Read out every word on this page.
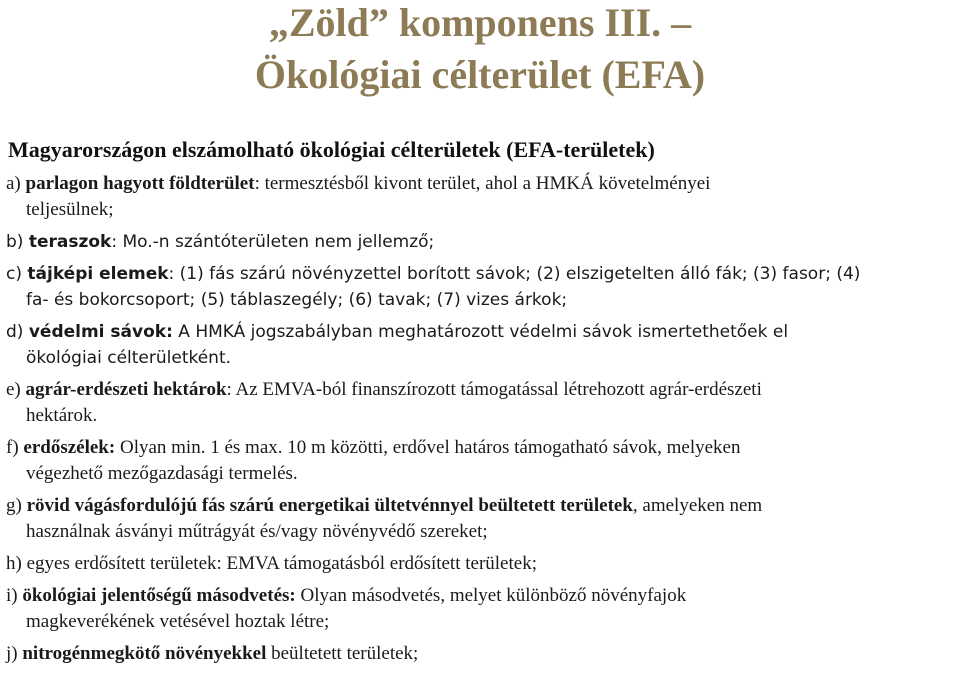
„Zöld” komponens III. –
Ökológiai célterület (EFA)
Magyarországon elszámolható ökológiai célterületek (EFA-területek)
a) parlagon hagyott földterület: termesztésből kivont terület, ahol a HMKÁ követelményei
teljesülnek;
b) teraszok: Mo.-n szántóterületen nem jellemző;
c) tájképi elemek: (1) fás szárú növényzettel borított sávok; (2) elszigetelten álló fák; (3) fasor; (4)
fa- és bokorcsoport; (5) táblaszegély; (6) tavak; (7) vizes árkok;
d) védelmi sávok: A HMKÁ jogszabályban meghatározott védelmi sávok ismertethetőek el
ökológiai célterületként.
e) agrár-erdészeti hektárok: Az EMVA-ból finanszírozott támogatással létrehozott agrár-erdészeti
hektárok.
f) erdőszélek: Olyan min. 1 és max. 10 m közötti, erdővel határos támogatható sávok, melyeken
végezhető mezőgazdasági termelés.
g) rövid vágásfordulójú fás szárú energetikai ültetvénnyel beültetett területek, amelyeken nem
használnak ásványi műtrágyát és/vagy növényvédő szereket;
h) egyes erdősített területek: EMVA támogatásból erdősített területek;
i) ökológiai jelentőségű másodvetés: Olyan másodvetés, melyet különböző növényfajok
magkeverékének vetésével hoztak létre;
j) nitrogénmegkötő növényekkel beültetett területek;
